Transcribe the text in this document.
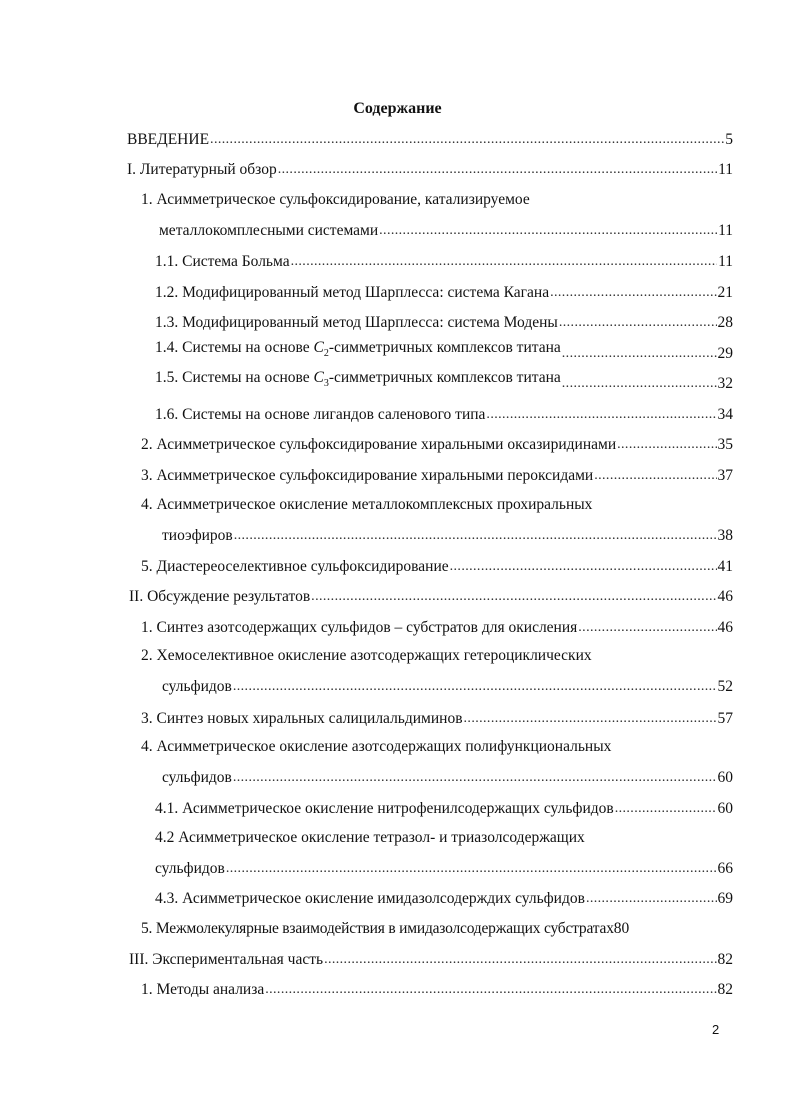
Содержание
ВВЕДЕНИЕ .....	5
I. Литературный обзор .....	11
1. Асимметрическое сульфоксидирование, катализируемое
металлокомплесными системами .....	11
1.1. Система Больма .....	11
1.2. Модифицированный метод Шарплесса: система Кагана .....	21
1.3. Модифицированный метод Шарплесса: система Модены .....	28
1.4. Системы на основе $C_2$-симметричных комплексов титана .....	29
1.5. Системы на основе $C_3$-симметричных комплексов титана .....	32
1.6. Системы на основе лигандов саленового типа .....	34
2. Асимметрическое сульфоксидирование хиральными оксазиридинами .....	35
3. Асимметрическое сульфоксидирование хиральными пероксидами .....	37
4. Асимметрическое окисление металлокомплексных прохиральных
тиоэфиров .....	38
5. Диастереоселективное сульфоксидирование .....	41
II. Обсуждение результатов .....	46
1. Синтез азотсодержащих сульфидов – субстратов для окисления .....	46
2. Хемоселективное окисление азотсодержащих гетероциклических
сульфидов .....	52
3. Синтез новых хиральных салицилальдиминов .....	57
4. Асимметрическое окисление азотсодержащих полифункциональных
сульфидов .....	60
4.1. Асимметрическое окисление нитрофенилсодержащих сульфидов .....	60
4.2 Асимметрическое окисление тетразол- и триазолсодержащих
сульфидов .....	66
4.3. Асимметрическое окисление имидазолсодерждих сульфидов .....	69
5. Межмолекулярные взаимодействия в имидазолсодержащих субстратах 80
III. Экспериментальная часть .....	82
1. Методы анализа .....	82
2
